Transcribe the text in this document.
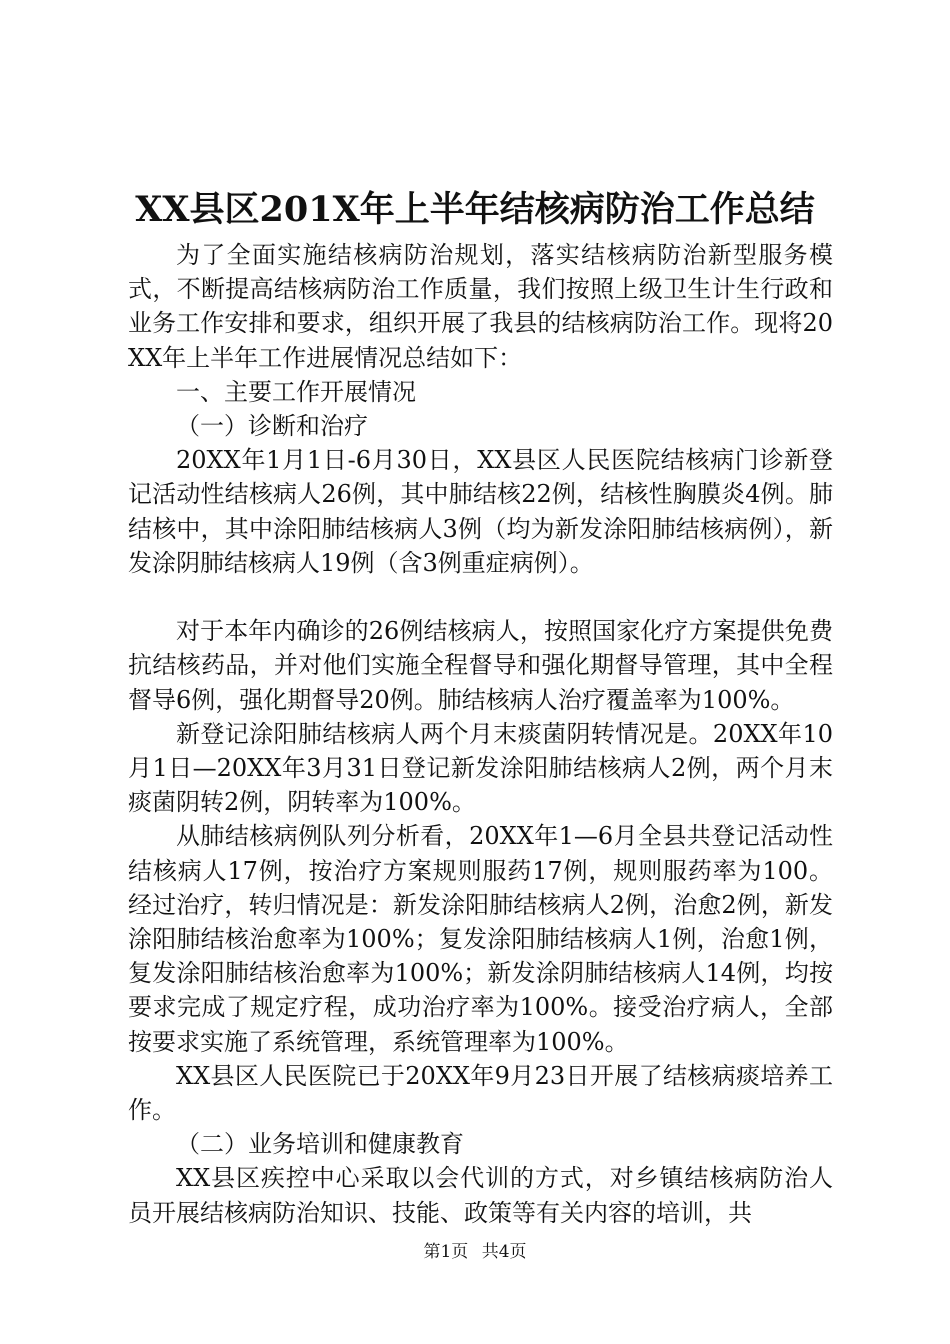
XX县区201X年上半年结核病防治工作总结

为了全面实施结核病防治规划，落实结核病防治新型服务模式，不断提高结核病防治工作质量，我们按照上级卫生计生行政和业务工作安排和要求，组织开展了我县的结核病防治工作。现将20XX年上半年工作进展情况总结如下：

一、主要工作开展情况

（一）诊断和治疗

20XX年1月1日-6月30日，XX县区人民医院结核病门诊新登记活动性结核病人26例，其中肺结核22例，结核性胸膜炎4例。肺结核中，其中涂阳肺结核病人3例（均为新发涂阳肺结核病例），新发涂阴肺结核病人19例（含3例重症病例）。

对于本年内确诊的26例结核病人，按照国家化疗方案提供免费抗结核药品，并对他们实施全程督导和强化期督导管理，其中全程督导6例，强化期督导20例。肺结核病人治疗覆盖率为100%。

新登记涂阳肺结核病人两个月末痰菌阴转情况是。20XX年10月1日—20XX年3月31日登记新发涂阳肺结核病人2例，两个月末痰菌阴转2例，阴转率为100%。

从肺结核病例队列分析看，20XX年1—6月全县共登记活动性结核病人17例，按治疗方案规则服药17例，规则服药率为100。经过治疗，转归情况是：新发涂阳肺结核病人2例，治愈2例，新发涂阳肺结核治愈率为100%；复发涂阳肺结核病人1例，治愈1例，复发涂阳肺结核治愈率为100%；新发涂阴肺结核病人14例，均按要求完成了规定疗程，成功治疗率为100%。接受治疗病人，全部按要求实施了系统管理，系统管理率为100%。

XX县区人民医院已于20XX年9月23日开展了结核病痰培养工作。

（二）业务培训和健康教育

XX县区疾控中心采取以会代训的方式，对乡镇结核病防治人员开展结核病防治知识、技能、政策等有关内容的培训，共

第1页 共4页
